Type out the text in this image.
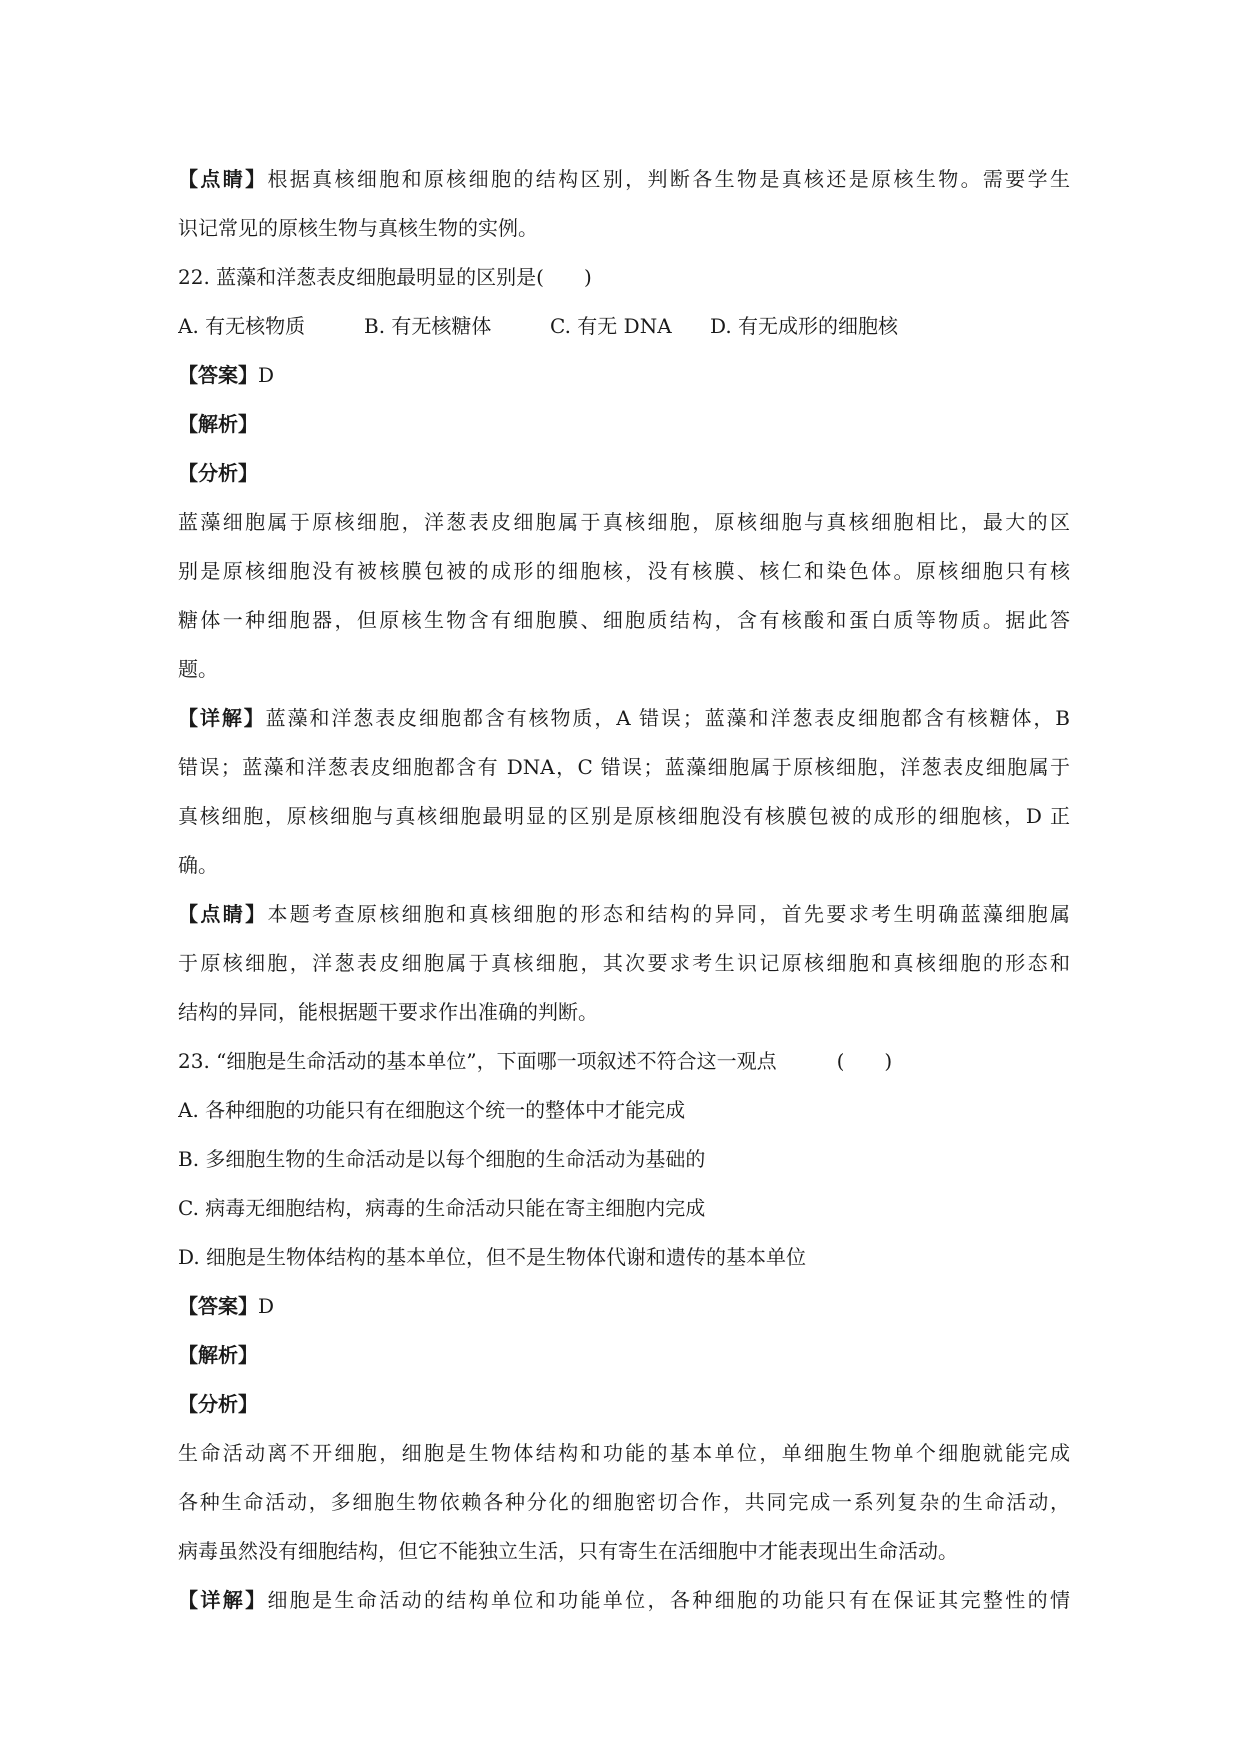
【点睛】根据真核细胞和原核细胞的结构区别，判断各生物是真核还是原核生物。需要学生
识记常见的原核生物与真核生物的实例。
22. 蓝藻和洋葱表皮细胞最明显的区别是(　　)
A. 有无核物质	B. 有无核糖体	C. 有无 DNA D. 有无成形的细胞核
【答案】D
【解析】
【分析】
蓝藻细胞属于原核细胞，洋葱表皮细胞属于真核细胞，原核细胞与真核细胞相比，最大的区
别是原核细胞没有被核膜包被的成形的细胞核，没有核膜、核仁和染色体。原核细胞只有核
糖体一种细胞器，但原核生物含有细胞膜、细胞质结构，含有核酸和蛋白质等物质。据此答
题。
【详解】蓝藻和洋葱表皮细胞都含有核物质，A 错误；蓝藻和洋葱表皮细胞都含有核糖体，B
错误；蓝藻和洋葱表皮细胞都含有 DNA，C 错误；蓝藻细胞属于原核细胞，洋葱表皮细胞属于
真核细胞，原核细胞与真核细胞最明显的区别是原核细胞没有核膜包被的成形的细胞核，D 正
确。
【点睛】本题考查原核细胞和真核细胞的形态和结构的异同，首先要求考生明确蓝藻细胞属
于原核细胞，洋葱表皮细胞属于真核细胞，其次要求考生识记原核细胞和真核细胞的形态和
结构的异同，能根据题干要求作出准确的判断。
23. “细胞是生命活动的基本单位”，下面哪一项叙述不符合这一观点　　　(　　)
A. 各种细胞的功能只有在细胞这个统一的整体中才能完成
B. 多细胞生物的生命活动是以每个细胞的生命活动为基础的
C. 病毒无细胞结构，病毒的生命活动只能在寄主细胞内完成
D. 细胞是生物体结构的基本单位，但不是生物体代谢和遗传的基本单位
【答案】D
【解析】
【分析】
生命活动离不开细胞，细胞是生物体结构和功能的基本单位，单细胞生物单个细胞就能完成
各种生命活动，多细胞生物依赖各种分化的细胞密切合作，共同完成一系列复杂的生命活动，
病毒虽然没有细胞结构，但它不能独立生活，只有寄生在活细胞中才能表现出生命活动。
【详解】细胞是生命活动的结构单位和功能单位，各种细胞的功能只有在保证其完整性的情
